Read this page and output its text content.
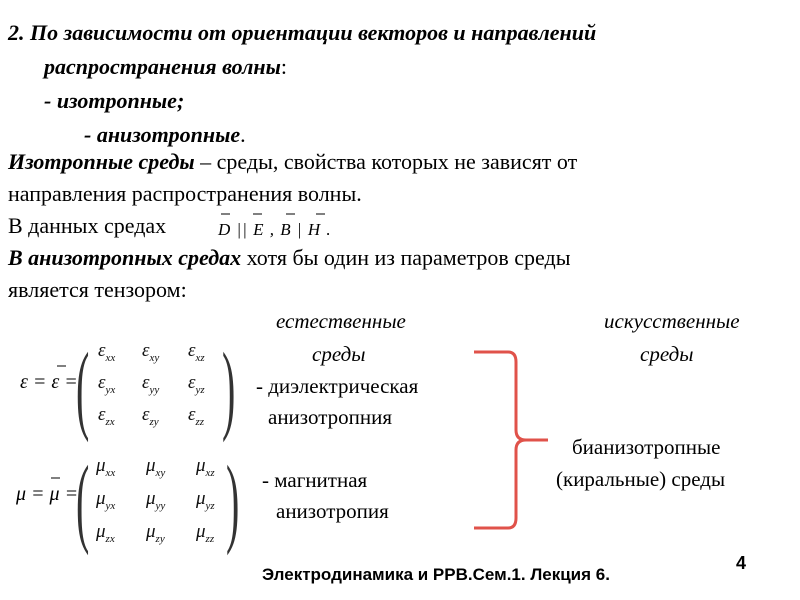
2. По зависимости от ориентации векторов и направлений
распространения волны:
- изотропные;
- анизотропные.
Изотропные среды – среды, свойства которых не зависят от
направления распространения волны.
В данных средах	D || E , B | H .
В анизотропных средах хотя бы один из параметров среды
является тензором:
естественные
среды
искусственные
среды
- диэлектрическая
анизотропния
- магнитная
анизотропия
бианизотропные
(киральные) среды
ε = ε =
( )
$\varepsilon_{xx}$ $\varepsilon_{xy}$ $\varepsilon_{xz}$
$\varepsilon_{yx}$ $\varepsilon_{yy}$ $\varepsilon_{yz}$
$\varepsilon_{zx}$ $\varepsilon_{zy}$ $\varepsilon_{zz}$
μ = μ =
( )
$\mu_{xx}$ $\mu_{xy}$ $\mu_{xz}$
$\mu_{yx}$ $\mu_{yy}$ $\mu_{yz}$
$\mu_{zx}$ $\mu_{zy}$ $\mu_{zz}$
Электродинамика и РРВ.Сем.1. Лекция 6.
4
